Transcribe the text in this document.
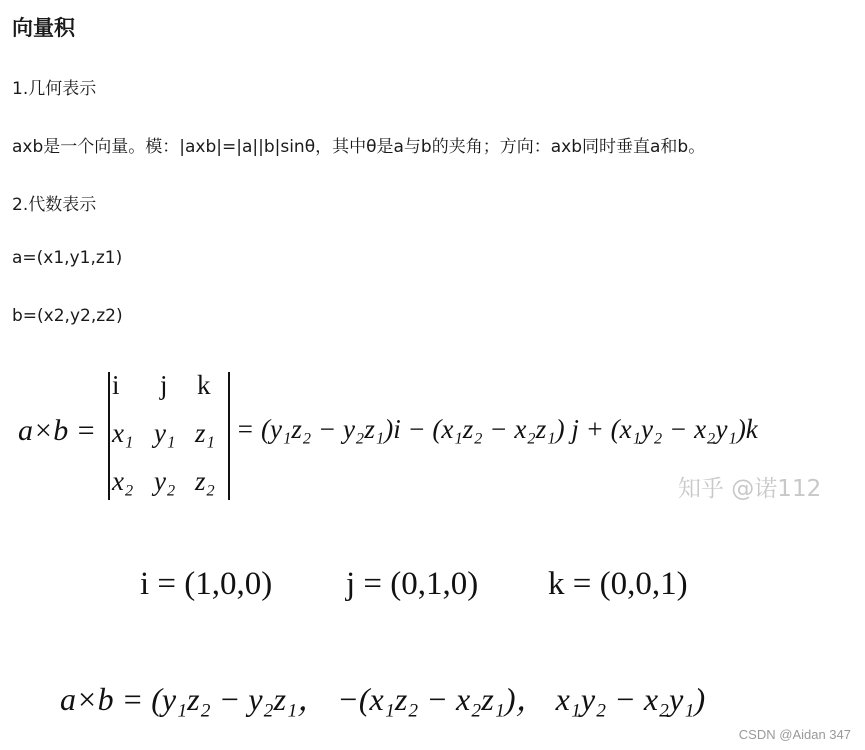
向量积
1.几何表示
axb是一个向量。模：|axb|=|a||b|sinθ，其中θ是a与b的夹角；方向：axb同时垂直a和b。
2.代数表示
a=(x1,y1,z1)
b=(x2,y2,z2)
a×b =
i j k
x₁ y₁ z₁
x₂ y₂ z₂
= (y₁z₂ − y₂z₁)i − (x₁z₂ − x₂z₁) j + (x₁y₂ − x₂y₁)k
知乎 @诺112
i = (1,0,0) j = (0,1,0) k = (0,0,1)
a×b = (y₁z₂ − y₂z₁， −(x₁z₂ − x₂z₁)， x₁y₂ − x₂y₁)
CSDN @Aidan 347
